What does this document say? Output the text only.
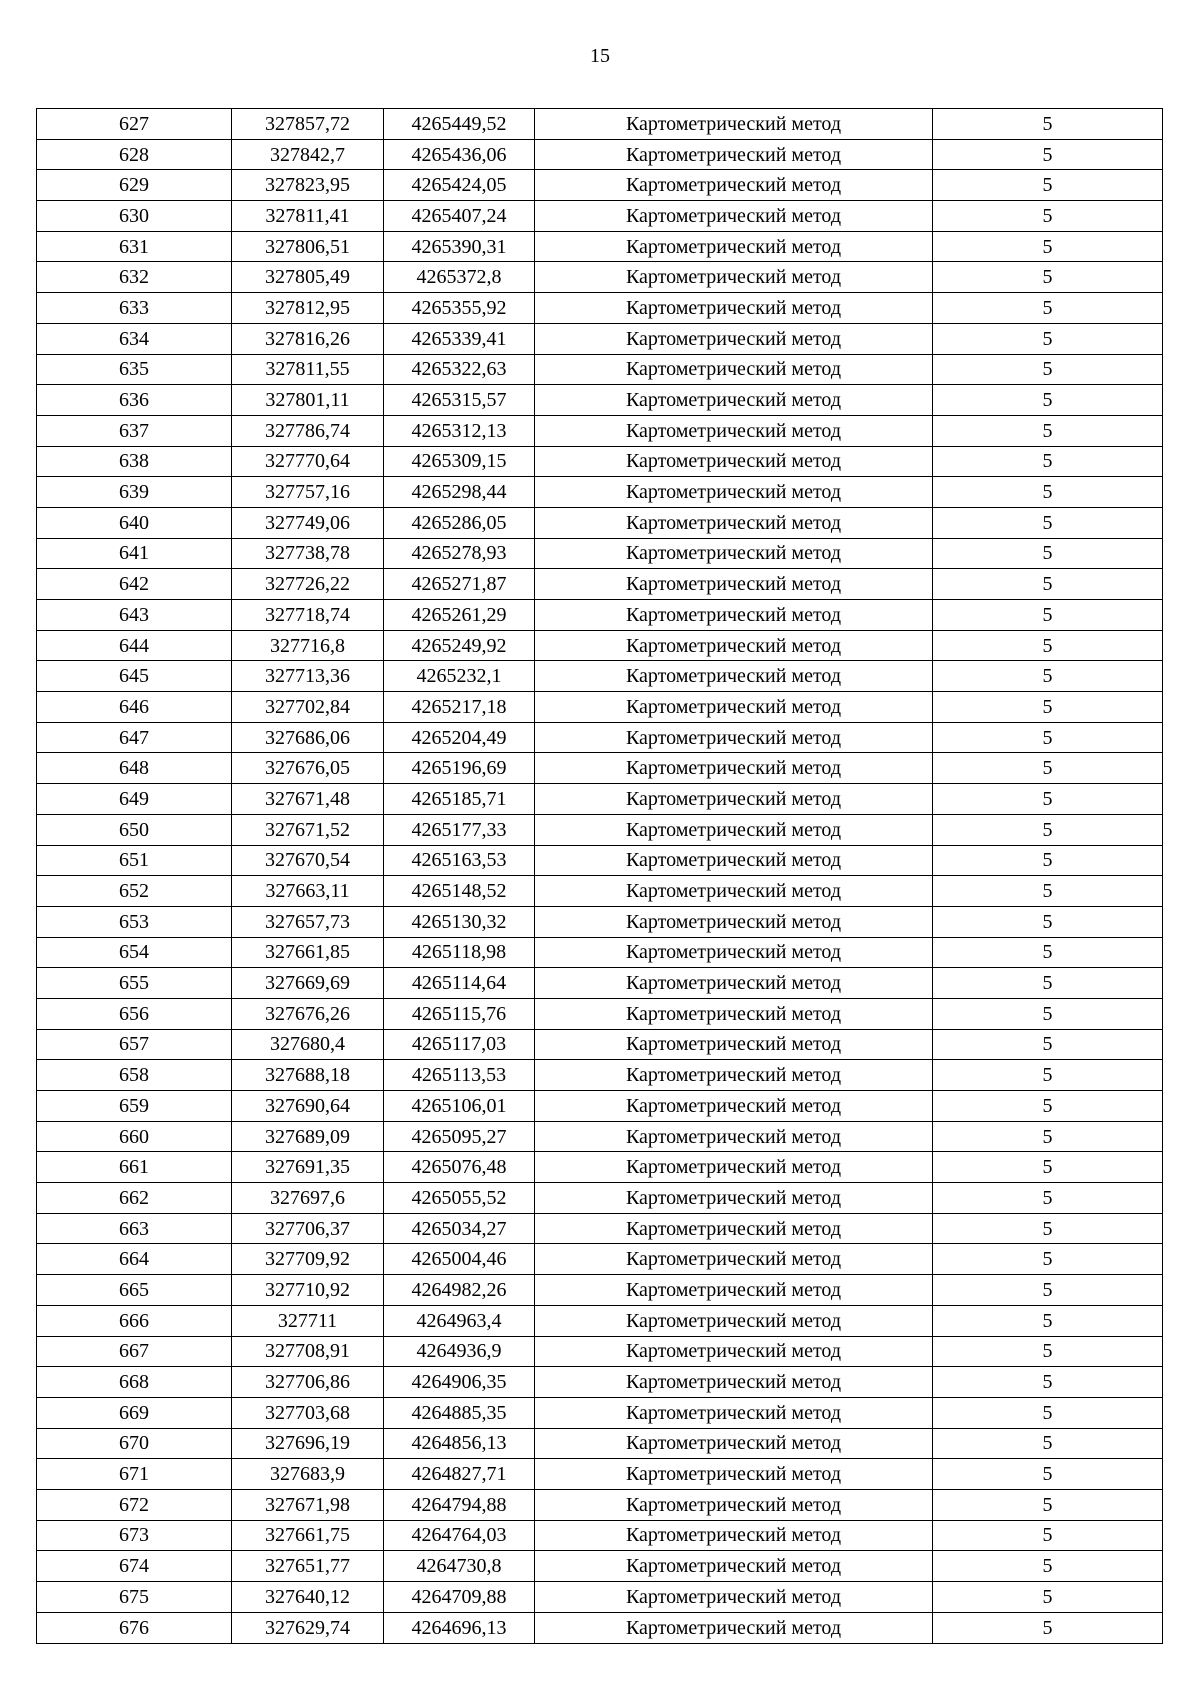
15
627	327857,72	4265449,52	Картометрический метод	5
628	327842,7	4265436,06	Картометрический метод	5
629	327823,95	4265424,05	Картометрический метод	5
630	327811,41	4265407,24	Картометрический метод	5
631	327806,51	4265390,31	Картометрический метод	5
632	327805,49	4265372,8	Картометрический метод	5
633	327812,95	4265355,92	Картометрический метод	5
634	327816,26	4265339,41	Картометрический метод	5
635	327811,55	4265322,63	Картометрический метод	5
636	327801,11	4265315,57	Картометрический метод	5
637	327786,74	4265312,13	Картометрический метод	5
638	327770,64	4265309,15	Картометрический метод	5
639	327757,16	4265298,44	Картометрический метод	5
640	327749,06	4265286,05	Картометрический метод	5
641	327738,78	4265278,93	Картометрический метод	5
642	327726,22	4265271,87	Картометрический метод	5
643	327718,74	4265261,29	Картометрический метод	5
644	327716,8	4265249,92	Картометрический метод	5
645	327713,36	4265232,1	Картометрический метод	5
646	327702,84	4265217,18	Картометрический метод	5
647	327686,06	4265204,49	Картометрический метод	5
648	327676,05	4265196,69	Картометрический метод	5
649	327671,48	4265185,71	Картометрический метод	5
650	327671,52	4265177,33	Картометрический метод	5
651	327670,54	4265163,53	Картометрический метод	5
652	327663,11	4265148,52	Картометрический метод	5
653	327657,73	4265130,32	Картометрический метод	5
654	327661,85	4265118,98	Картометрический метод	5
655	327669,69	4265114,64	Картометрический метод	5
656	327676,26	4265115,76	Картометрический метод	5
657	327680,4	4265117,03	Картометрический метод	5
658	327688,18	4265113,53	Картометрический метод	5
659	327690,64	4265106,01	Картометрический метод	5
660	327689,09	4265095,27	Картометрический метод	5
661	327691,35	4265076,48	Картометрический метод	5
662	327697,6	4265055,52	Картометрический метод	5
663	327706,37	4265034,27	Картометрический метод	5
664	327709,92	4265004,46	Картометрический метод	5
665	327710,92	4264982,26	Картометрический метод	5
666	327711	4264963,4	Картометрический метод	5
667	327708,91	4264936,9	Картометрический метод	5
668	327706,86	4264906,35	Картометрический метод	5
669	327703,68	4264885,35	Картометрический метод	5
670	327696,19	4264856,13	Картометрический метод	5
671	327683,9	4264827,71	Картометрический метод	5
672	327671,98	4264794,88	Картометрический метод	5
673	327661,75	4264764,03	Картометрический метод	5
674	327651,77	4264730,8	Картометрический метод	5
675	327640,12	4264709,88	Картометрический метод	5
676	327629,74	4264696,13	Картометрический метод	5
